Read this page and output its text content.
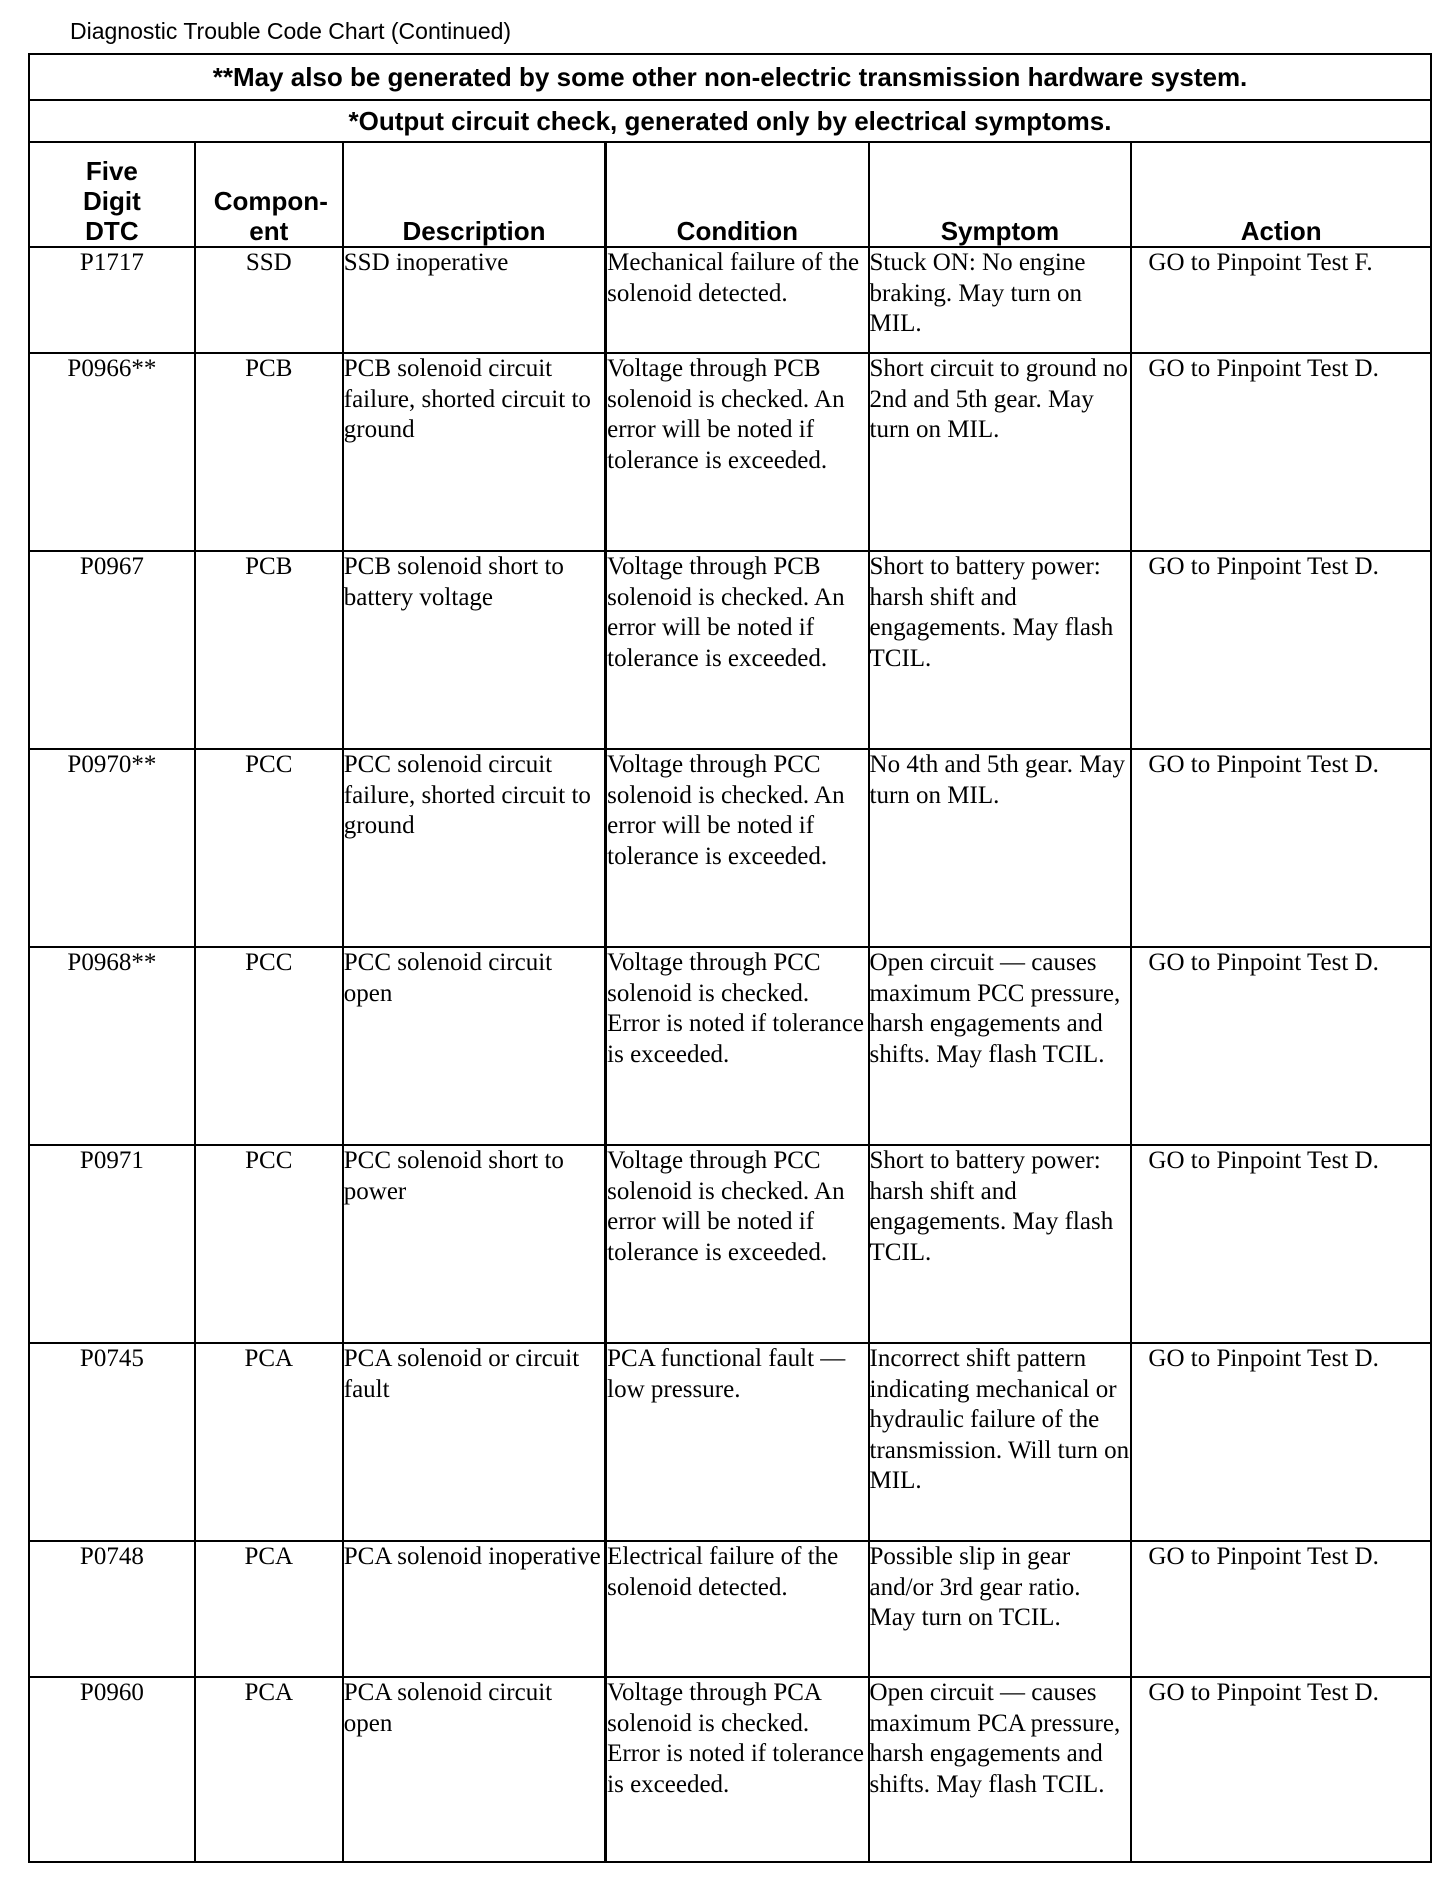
Diagnostic Trouble Code Chart (Continued)
**May also be generated by some other non-electric transmission hardware system.					
*Output circuit check, generated only by electrical symptoms.					

Five Digit DTC	Compon- ent	Description	Condition	Symptom	Action
P1717	SSD	SSD inoperative	Mechanical failure of the solenoid detected.	Stuck ON: No engine braking. May turn on MIL.	GO to Pinpoint Test F.
P0966**	PCB	PCB solenoid circuit failure, shorted circuit to ground	Voltage through PCB solenoid is checked. An error will be noted if tolerance is exceeded.	Short circuit to ground no 2nd and 5th gear. May turn on MIL.	GO to Pinpoint Test D.
P0967	PCB	PCB solenoid short to battery voltage	Voltage through PCB solenoid is checked. An error will be noted if tolerance is exceeded.	Short to battery power: harsh shift and engagements. May flash TCIL.	GO to Pinpoint Test D.
P0970**	PCC	PCC solenoid circuit failure, shorted circuit to ground	Voltage through PCC solenoid is checked. An error will be noted if tolerance is exceeded.	No 4th and 5th gear. May turn on MIL.	GO to Pinpoint Test D.
P0968**	PCC	PCC solenoid circuit open	Voltage through PCC solenoid is checked. Error is noted if tolerance is exceeded.	Open circuit — causes maximum PCC pressure, harsh engagements and shifts. May flash TCIL.	GO to Pinpoint Test D.
P0971	PCC	PCC solenoid short to power	Voltage through PCC solenoid is checked. An error will be noted if tolerance is exceeded.	Short to battery power: harsh shift and engagements. May flash TCIL.	GO to Pinpoint Test D.
P0745	PCA	PCA solenoid or circuit fault	PCA functional fault — low pressure.	Incorrect shift pattern indicating mechanical or hydraulic failure of the transmission. Will turn on MIL.	GO to Pinpoint Test D.
P0748	PCA	PCA solenoid inoperative	Electrical failure of the solenoid detected.	Possible slip in gear and/or 3rd gear ratio. May turn on TCIL.	GO to Pinpoint Test D.
P0960	PCA	PCA solenoid circuit open	Voltage through PCA solenoid is checked. Error is noted if tolerance is exceeded.	Open circuit — causes maximum PCA pressure, harsh engagements and shifts. May flash TCIL.	GO to Pinpoint Test D.
